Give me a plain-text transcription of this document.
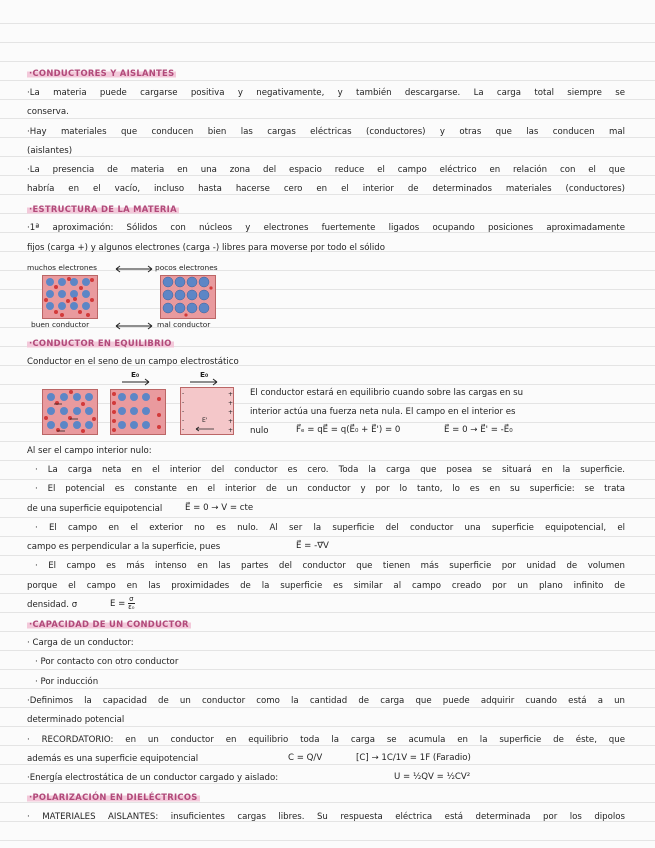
·CONDUCTORES Y AISLANTES
·La materia puede cargarse positiva y negativamente, y también descargarse. La carga total siempre se
conserva.
·Hay materiales que conducen bien las cargas eléctricas (conductores) y otras que las conducen mal
(aislantes)
·La presencia de materia en una zona del espacio reduce el campo eléctrico en relación con el que
habría en el vacío, incluso hasta hacerse cero en el interior de determinados materiales (conductores)
·ESTRUCTURA DE LA MATERIA
·1ª aproximación: Sólidos con núcleos y electrones fuertemente ligados ocupando posiciones aproximadamente
fijos (carga +) y algunos electrones (carga -) libres para moverse por todo el sólido
muchos electrones	pocos electrones
buen conductor	mal conductor
·CONDUCTOR EN EQUILIBRIO
Conductor en el seno de un campo electrostático
E₀	E₀
-
-
-
-
-
+
+
+
+
+
E'
El conductor estará en equilibrio cuando sobre las cargas en su
interior actúa una fuerza neta nula. El campo en el interior es
nulo	F⃗ₑ = qE⃗ = q(E⃗₀ + E⃗') = 0	E⃗ = 0 → E⃗' = -E⃗₀
Al ser el campo interior nulo:
· La carga neta en el interior del conductor es cero. Toda la carga que posea se situará en la superficie.
· El potencial es constante en el interior de un conductor y por lo tanto, lo es en su superficie: se trata
de una superficie equipotencial	E⃗ = 0 → V = cte
· El campo en el exterior no es nulo. Al ser la superficie del conductor una superficie equipotencial, el
campo es perpendicular a la superficie, pues	E⃗ = -∇⃗V
· El campo es más intenso en las partes del conductor que tienen más superficie por unidad de volumen
porque el campo en las proximidades de la superficie es similar al campo creado por un plano infinito de
densidad. σ	$E = \frac{\sigma}{\text{ε₀}}$
·CAPACIDAD DE UN CONDUCTOR
· Carga de un conductor:
· Por contacto con otro conductor
· Por inducción
·Definimos la capacidad de un conductor como la cantidad de carga que puede adquirir cuando está a un
determinado potencial
· RECORDATORIO: en un conductor en equilibrio toda la carga se acumula en la superficie de éste, que
además es una superficie equipotencial	C = Q/V	[C] → 1C/1V = 1F (Faradio)
·Energía electrostática de un conductor cargado y aislado:	U = ½QV = ½CV²
·POLARIZACIÓN EN DIELÉCTRICOS
· MATERIALES AISLANTES: insuficientes cargas libres. Su respuesta eléctrica está determinada por los dipolos
